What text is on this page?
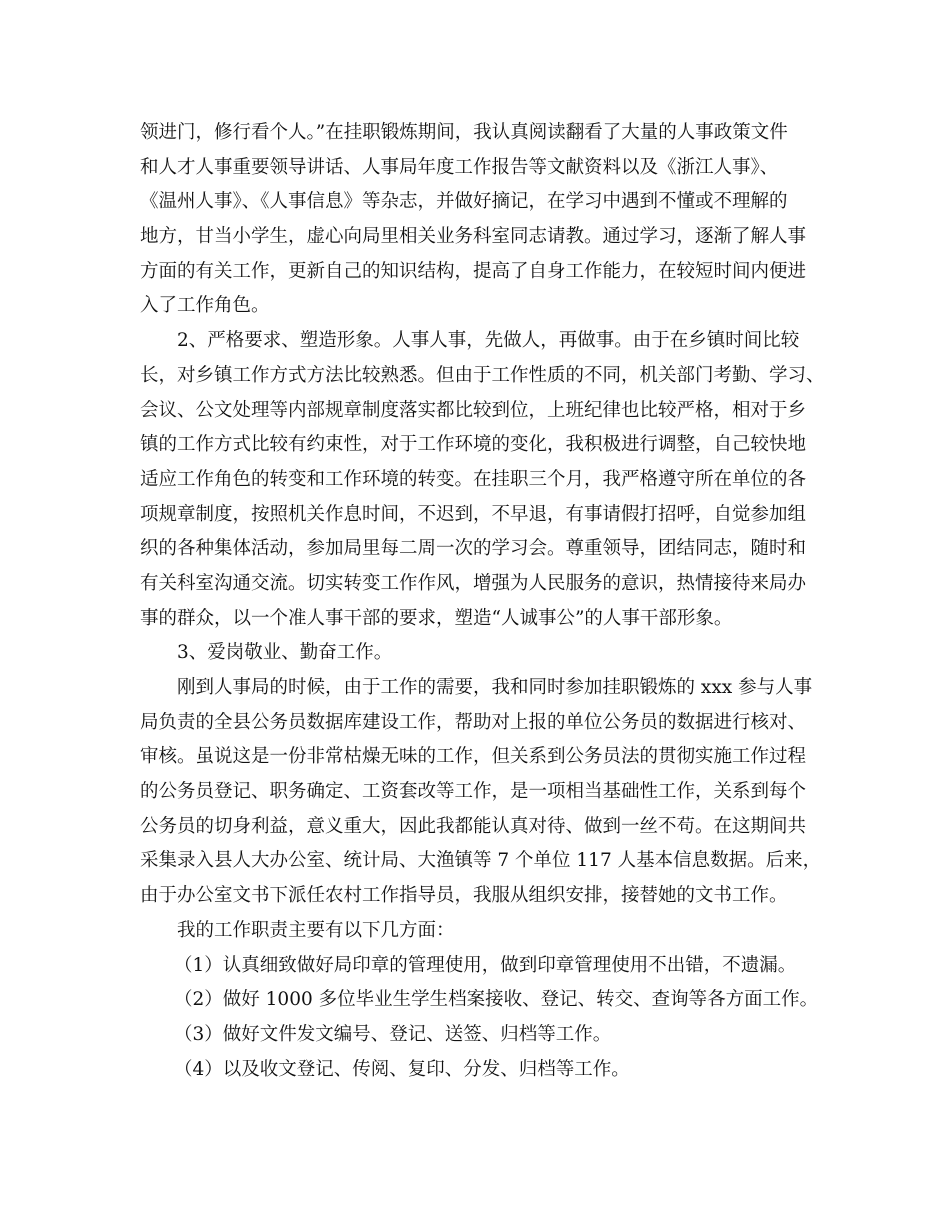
领进门，修行看个人。”在挂职锻炼期间，我认真阅读翻看了大量的人事政策文件
和人才人事重要领导讲话、人事局年度工作报告等文献资料以及《浙江人事》、
《温州人事》、《人事信息》等杂志，并做好摘记，在学习中遇到不懂或不理解的
地方，甘当小学生，虚心向局里相关业务科室同志请教。通过学习，逐渐了解人事
方面的有关工作，更新自己的知识结构，提高了自身工作能力，在较短时间内便进
入了工作角色。
2、严格要求、塑造形象。人事人事，先做人，再做事。由于在乡镇时间比较
长，对乡镇工作方式方法比较熟悉。但由于工作性质的不同，机关部门考勤、学习、
会议、公文处理等内部规章制度落实都比较到位，上班纪律也比较严格，相对于乡
镇的工作方式比较有约束性，对于工作环境的变化，我积极进行调整，自己较快地
适应工作角色的转变和工作环境的转变。在挂职三个月，我严格遵守所在单位的各
项规章制度，按照机关作息时间，不迟到，不早退，有事请假打招呼，自觉参加组
织的各种集体活动，参加局里每二周一次的学习会。尊重领导，团结同志，随时和
有关科室沟通交流。切实转变工作作风，增强为人民服务的意识，热情接待来局办
事的群众，以一个准人事干部的要求，塑造“人诚事公”的人事干部形象。
3、爱岗敬业、勤奋工作。
刚到人事局的时候，由于工作的需要，我和同时参加挂职锻炼的 xxx 参与人事
局负责的全县公务员数据库建设工作，帮助对上报的单位公务员的数据进行核对、
审核。虽说这是一份非常枯燥无味的工作，但关系到公务员法的贯彻实施工作过程
的公务员登记、职务确定、工资套改等工作，是一项相当基础性工作，关系到每个
公务员的切身利益，意义重大，因此我都能认真对待、做到一丝不苟。在这期间共
采集录入县人大办公室、统计局、大渔镇等 7 个单位 117 人基本信息数据。后来，
由于办公室文书下派任农村工作指导员，我服从组织安排，接替她的文书工作。
我的工作职责主要有以下几方面：
（1）认真细致做好局印章的管理使用，做到印章管理使用不出错，不遗漏。
（2）做好 1000 多位毕业生学生档案接收、登记、转交、查询等各方面工作。
（3）做好文件发文编号、登记、送签、归档等工作。
（4）以及收文登记、传阅、复印、分发、归档等工作。
